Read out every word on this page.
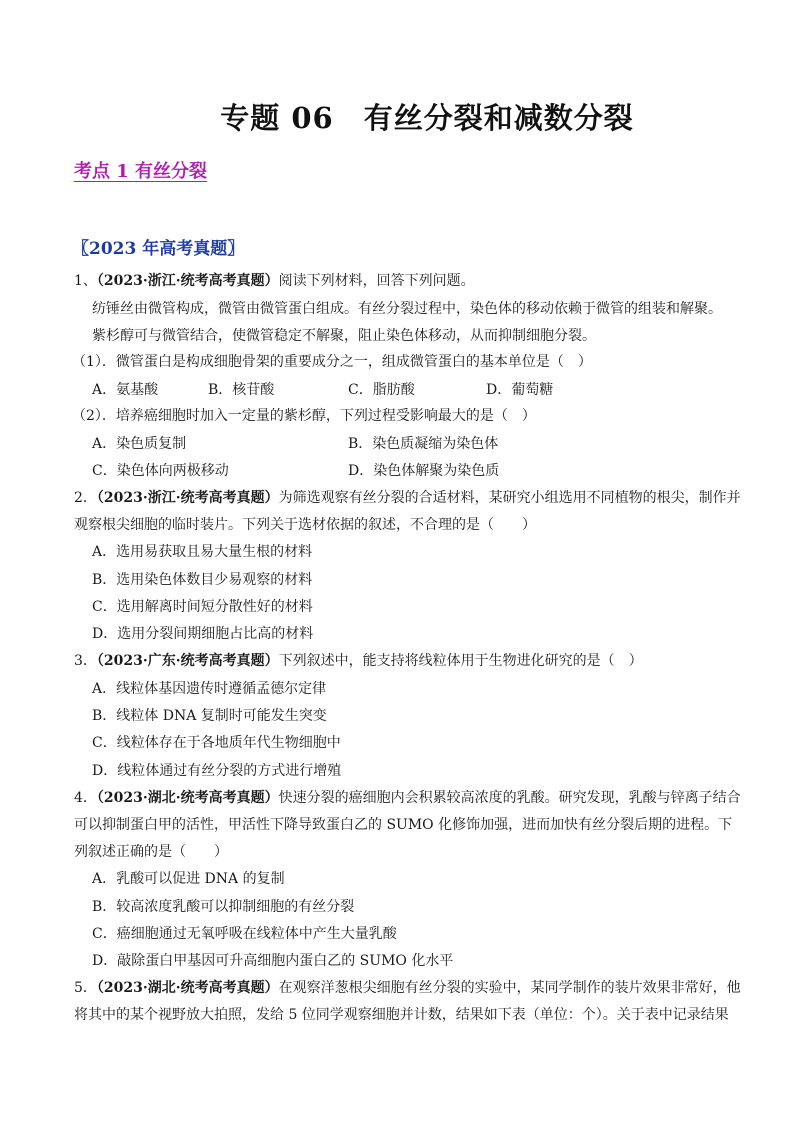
专题 06　有丝分裂和减数分裂
考点 1 有丝分裂
〖2023 年高考真题〗
1、（2023·浙江·统考高考真题）阅读下列材料，回答下列问题。
纺锤丝由微管构成，微管由微管蛋白组成。有丝分裂过程中，染色体的移动依赖于微管的组装和解聚。
紫杉醇可与微管结合，使微管稳定不解聚，阻止染色体移动，从而抑制细胞分裂。
（1）．微管蛋白是构成细胞骨架的重要成分之一，组成微管蛋白的基本单位是（　）
A．氨基酸	B．核苷酸	C．脂肪酸	D．葡萄糖
（2）．培养癌细胞时加入一定量的紫杉醇，下列过程受影响最大的是（　）
A．染色质复制	B．染色质凝缩为染色体
C．染色体向两极移动	D．染色体解聚为染色质
2．（2023·浙江·统考高考真题）为筛选观察有丝分裂的合适材料，某研究小组选用不同植物的根尖，制作并
观察根尖细胞的临时装片。下列关于选材依据的叙述，不合理的是（　　）
A．选用易获取且易大量生根的材料
B．选用染色体数目少易观察的材料
C．选用解离时间短分散性好的材料
D．选用分裂间期细胞占比高的材料
3．（2023·广东·统考高考真题）下列叙述中，能支持将线粒体用于生物进化研究的是（　）
A．线粒体基因遗传时遵循孟德尔定律
B．线粒体 DNA 复制时可能发生突变
C．线粒体存在于各地质年代生物细胞中
D．线粒体通过有丝分裂的方式进行增殖
4．（2023·湖北·统考高考真题）快速分裂的癌细胞内会积累较高浓度的乳酸。研究发现，乳酸与锌离子结合
可以抑制蛋白甲的活性，甲活性下降导致蛋白乙的 SUMO 化修饰加强，进而加快有丝分裂后期的进程。下
列叙述正确的是（　　）
A．乳酸可以促进 DNA 的复制
B．较高浓度乳酸可以抑制细胞的有丝分裂
C．癌细胞通过无氧呼吸在线粒体中产生大量乳酸
D．敲除蛋白甲基因可升高细胞内蛋白乙的 SUMO 化水平
5．（2023·湖北·统考高考真题）在观察洋葱根尖细胞有丝分裂的实验中，某同学制作的装片效果非常好，他
将其中的某个视野放大拍照，发给 5 位同学观察细胞并计数，结果如下表（单位：个）。关于表中记录结果
